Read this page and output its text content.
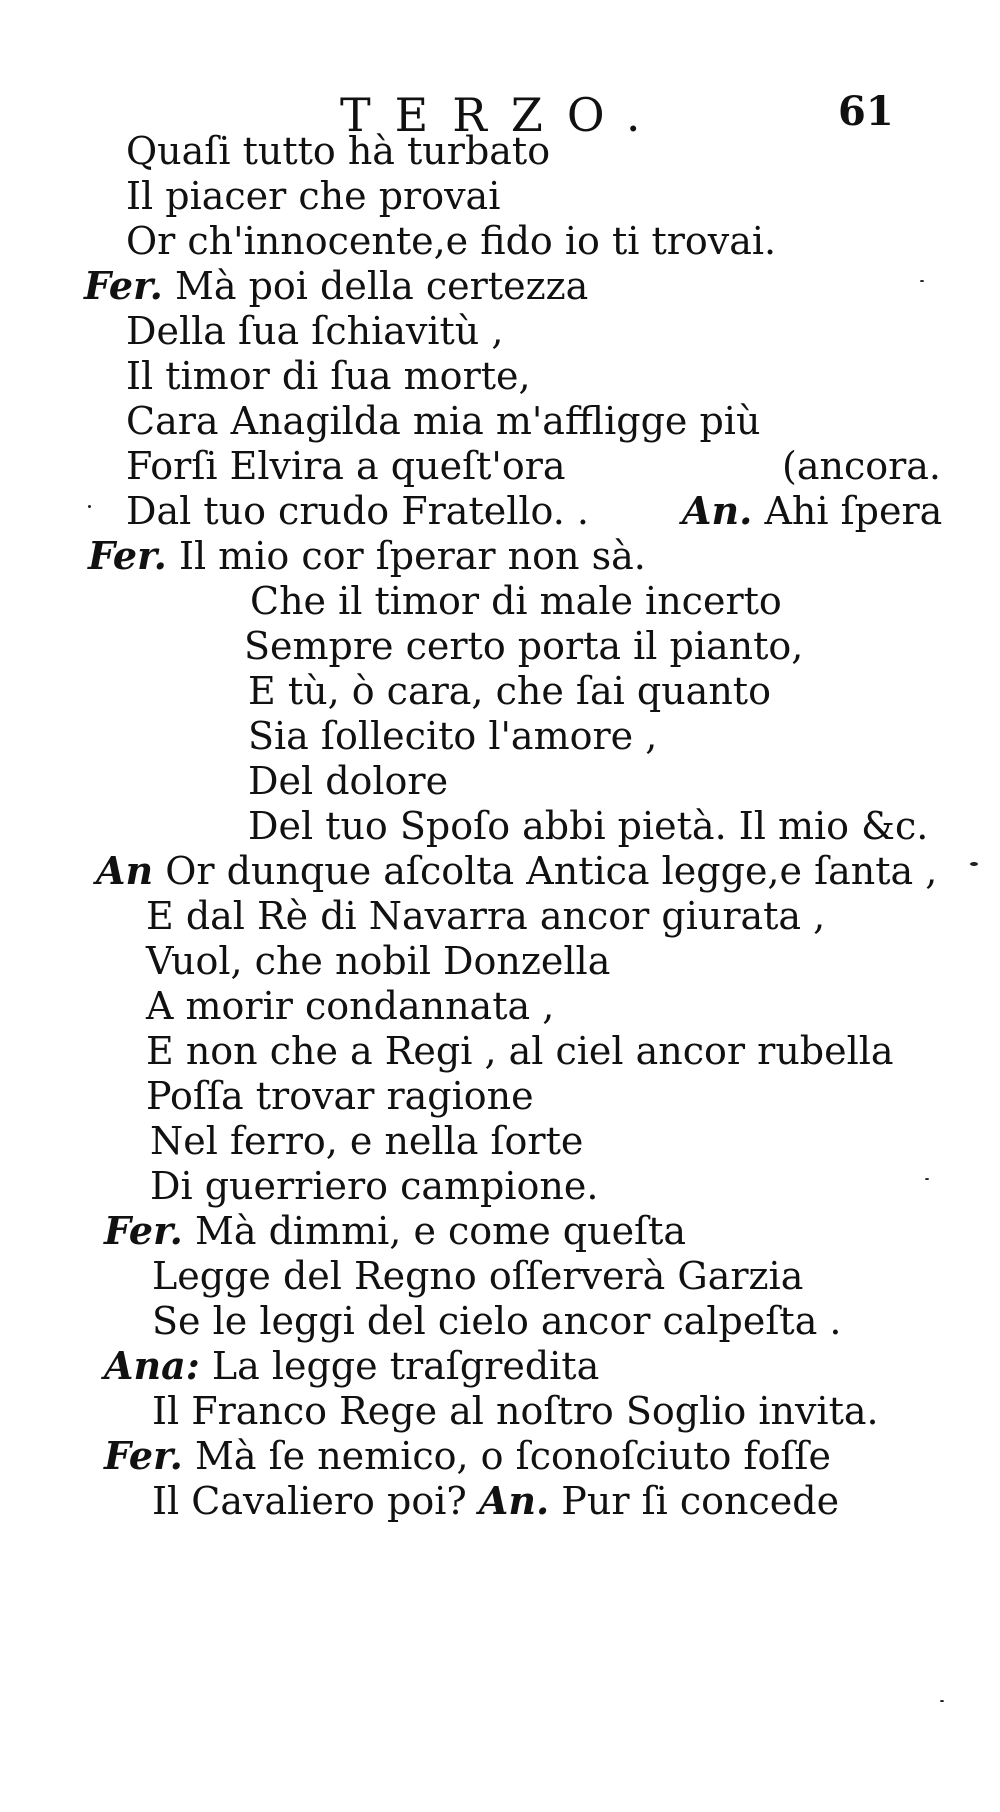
TERZO.	61
Quaſi tutto hà turbato
Il piacer che provai
Or ch'innocente,e fido io ti trovai.
Fer. Mà poi della certezza
Della ſua ſchiavitù ,
Il timor di ſua morte,
Cara Anagilda mia m'affligge più
Forſi Elvira a queſt'ora	(ancora.
Dal tuo crudo Fratello. . An. Ahi ſpera
Fer. Il mio cor ſperar non sà.
Che il timor di male incerto
Sempre certo porta il pianto,
E tù, ò cara, che ſai quanto
Sia ſollecito l'amore ,
Del dolore
Del tuo Spoſo abbi pietà. Il mio &c.
An Or dunque aſcolta Antica legge,e ſanta ,
E dal Rè di Navarra ancor giurata ,
Vuol, che nobil Donzella
A morir condannata ,
E non che a Regi , al ciel ancor rubella
Poſſa trovar ragione
Nel ferro, e nella ſorte
Di guerriero campione.
Fer. Mà dimmi, e come queſta
Legge del Regno oſſerverà Garzia
Se le leggi del cielo ancor calpeſta .
Ana: La legge traſgredita
Il Franco Rege al noſtro Soglio invita.
Fer. Mà ſe nemico, o ſconoſciuto foſſe
Il Cavaliero poi? An. Pur ſi concede
